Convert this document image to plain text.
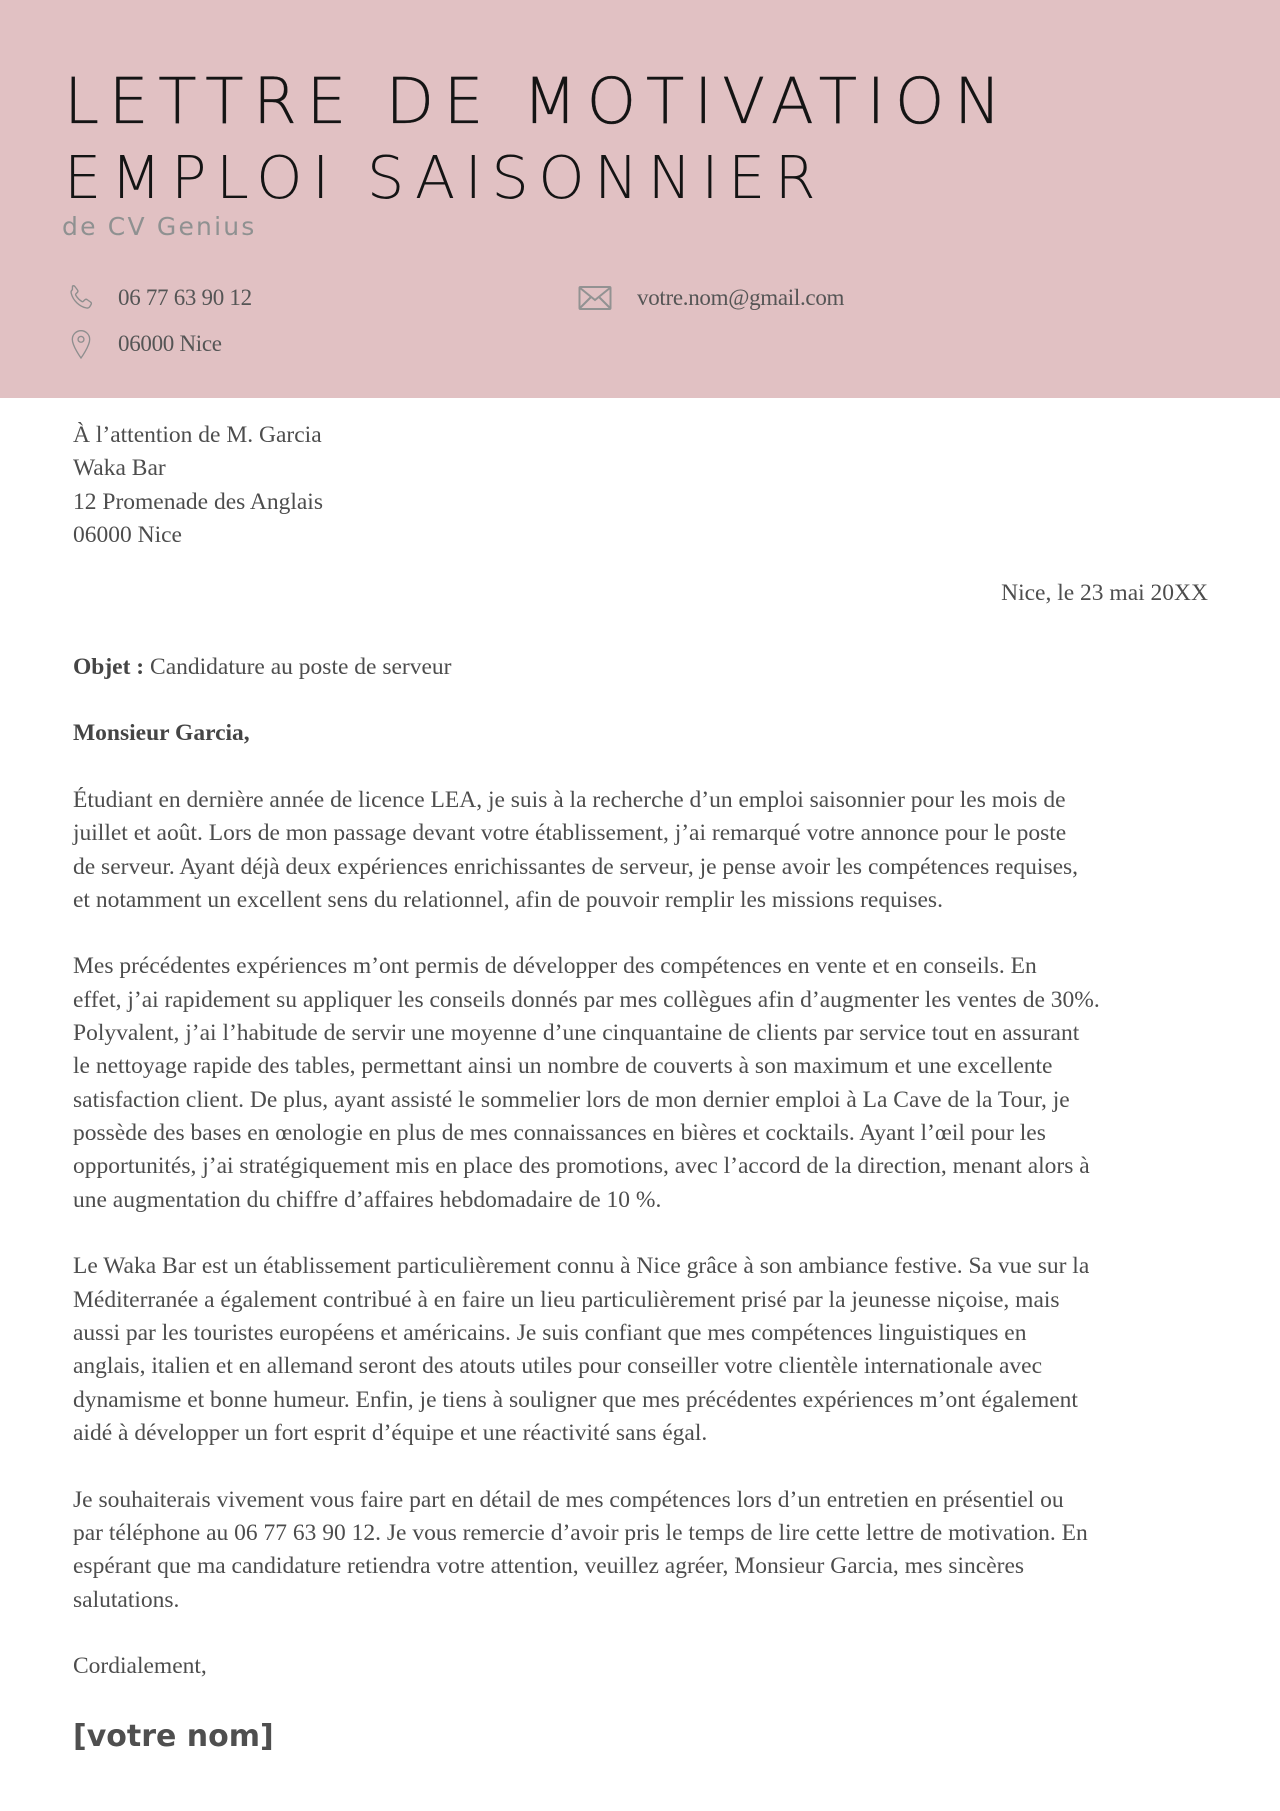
LETTRE DE MOTIVATION
EMPLOI SAISONNIER
de CV Genius
06 77 63 90 12
06000 Nice
votre.nom@gmail.com
À l’attention de M. Garcia
Waka Bar
12 Promenade des Anglais
06000 Nice
Nice, le 23 mai 20XX
Objet : Candidature au poste de serveur
Monsieur Garcia,
Étudiant en dernière année de licence LEA, je suis à la recherche d’un emploi saisonnier pour les mois de
juillet et août. Lors de mon passage devant votre établissement, j’ai remarqué votre annonce pour le poste
de serveur. Ayant déjà deux expériences enrichissantes de serveur, je pense avoir les compétences requises,
et notamment un excellent sens du relationnel, afin de pouvoir remplir les missions requises.
Mes précédentes expériences m’ont permis de développer des compétences en vente et en conseils. En
effet, j’ai rapidement su appliquer les conseils donnés par mes collègues afin d’augmenter les ventes de 30%.
Polyvalent, j’ai l’habitude de servir une moyenne d’une cinquantaine de clients par service tout en assurant
le nettoyage rapide des tables, permettant ainsi un nombre de couverts à son maximum et une excellente
satisfaction client. De plus, ayant assisté le sommelier lors de mon dernier emploi à La Cave de la Tour, je
possède des bases en œnologie en plus de mes connaissances en bières et cocktails. Ayant l’œil pour les
opportunités, j’ai stratégiquement mis en place des promotions, avec l’accord de la direction, menant alors à
une augmentation du chiffre d’affaires hebdomadaire de 10 %.
Le Waka Bar est un établissement particulièrement connu à Nice grâce à son ambiance festive. Sa vue sur la
Méditerranée a également contribué à en faire un lieu particulièrement prisé par la jeunesse niçoise, mais
aussi par les touristes européens et américains. Je suis confiant que mes compétences linguistiques en
anglais, italien et en allemand seront des atouts utiles pour conseiller votre clientèle internationale avec
dynamisme et bonne humeur. Enfin, je tiens à souligner que mes précédentes expériences m’ont également
aidé à développer un fort esprit d’équipe et une réactivité sans égal.
Je souhaiterais vivement vous faire part en détail de mes compétences lors d’un entretien en présentiel ou
par téléphone au 06 77 63 90 12. Je vous remercie d’avoir pris le temps de lire cette lettre de motivation. En
espérant que ma candidature retiendra votre attention, veuillez agréer, Monsieur Garcia, mes sincères
salutations.
Cordialement,
[votre nom]
